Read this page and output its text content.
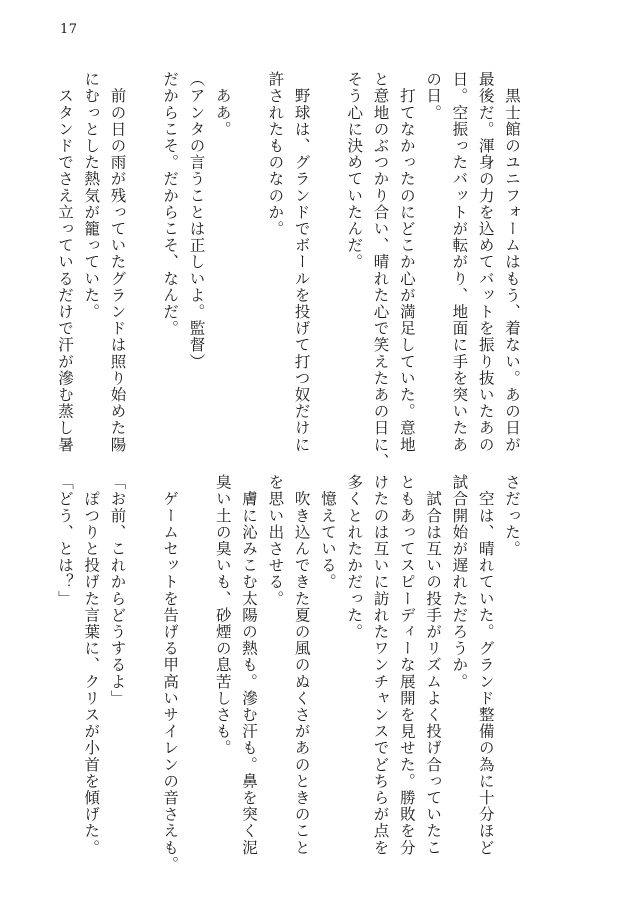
17
　黒士館のユニフォームはもう、着ない。あの日が
最後だ。渾身の力を込めてバットを振り抜いたあの
日。空振ったバットが転がり、地面に手を突いたあ
の日。
　打てなかったのにどこか心が満足していた。意地
と意地のぶつかり合い、晴れた心で笑えたあの日に、
そう心に決めていたんだ。

　野球は、グランドでボールを投げて打つ奴だけに
許されたものなのか。

　ああ。
（アンタの言うことは正しいよ。監督）
だからこそ。だからこそ、なんだ。

　前の日の雨が残っていたグランドは照り始めた陽
にむっとした熱気が籠っていた。
　スタンドでさえ立っているだけで汗が滲む蒸し暑
さだった。
　空は、晴れていた。グランド整備の為に十分ほど
試合開始が遅れただろうか。
　試合は互いの投手がリズムよく投げ合っていたこ
ともあってスピーディーな展開を見せた。勝敗を分
けたのは互いに訪れたワンチャンスでどちらが点を
多くとれたかだった。
　憶えている。
　吹き込んできた夏の風のぬくさがあのときのこと
を思い出させる。
　膚に沁みこむ太陽の熱も。滲む汗も。鼻を突く泥
臭い土の臭いも、砂煙の息苦しさも。

　ゲームセットを告げる甲高いサイレンの音さえも。

「お前、これからどうするよ」
　ぽつりと投げた言葉に、クリスが小首を傾げた。
「どう、とは？」
